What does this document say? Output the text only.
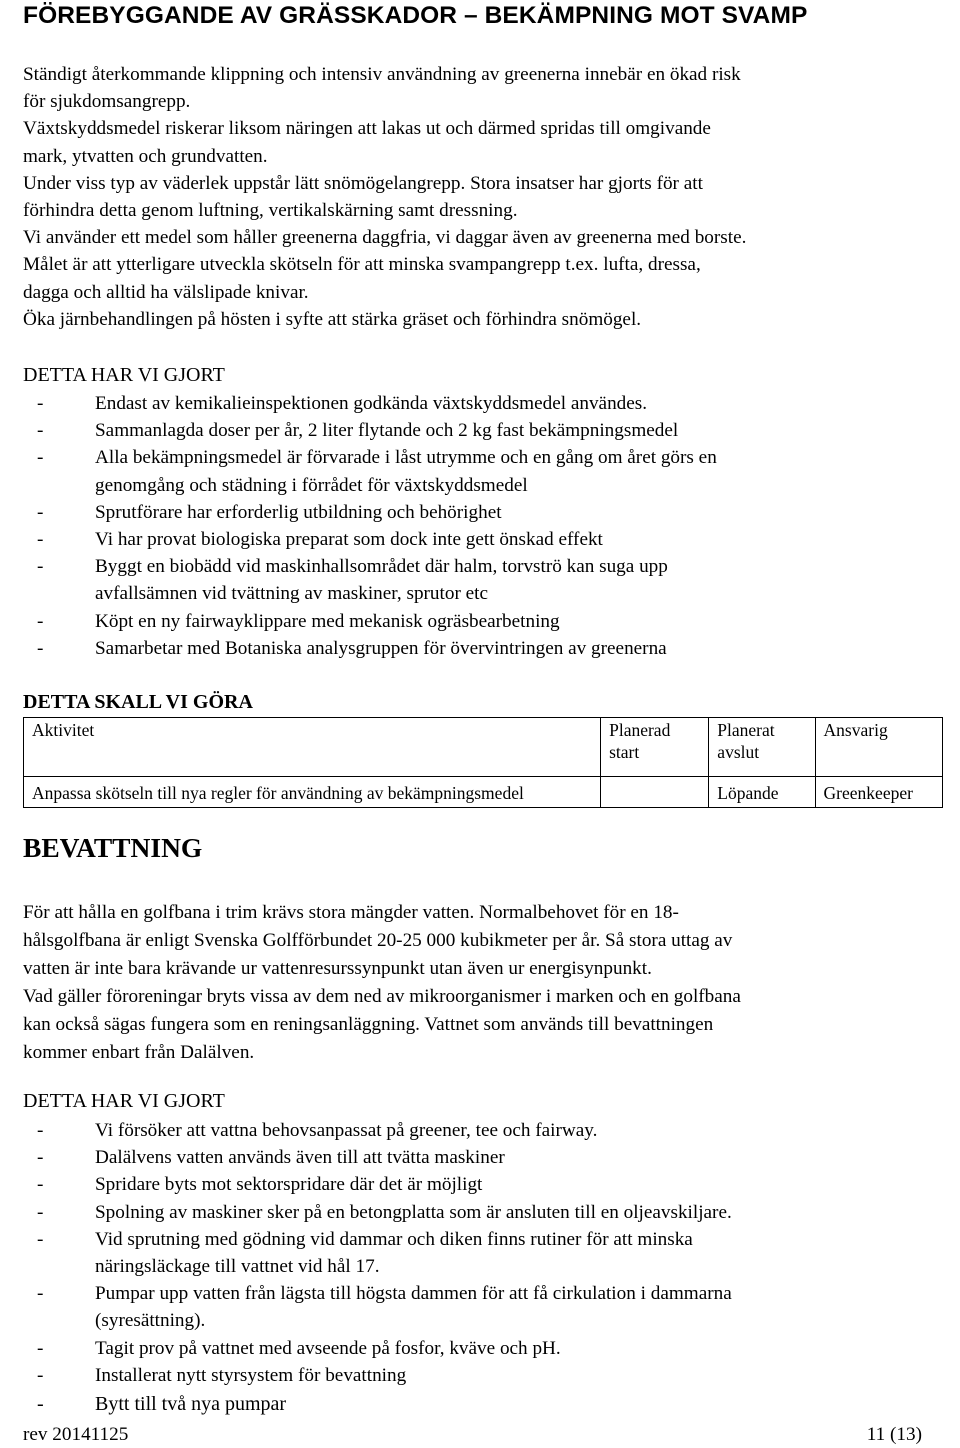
FÖREBYGGANDE AV GRÄSSKADOR – BEKÄMPNING MOT SVAMP
Ständigt återkommande klippning och intensiv användning av greenerna innebär en ökad risk
för sjukdomsangrepp.
Växtskyddsmedel riskerar liksom näringen att lakas ut och därmed spridas till omgivande
mark, ytvatten och grundvatten.
Under viss typ av väderlek uppstår lätt snömögelangrepp. Stora insatser har gjorts för att
förhindra detta genom luftning, vertikalskärning samt dressning.
Vi använder ett medel som håller greenerna daggfria, vi daggar även av greenerna med borste.
Målet är att ytterligare utveckla skötseln för att minska svampangrepp t.ex. lufta, dressa,
dagga och alltid ha välslipade knivar.
Öka järnbehandlingen på hösten i syfte att stärka gräset och förhindra snömögel.
DETTA HAR VI GJORT
- Endast av kemikalieinspektionen godkända växtskyddsmedel användes.
- Sammanlagda doser per år, 2 liter flytande och 2 kg fast bekämpningsmedel
- Alla bekämpningsmedel är förvarade i låst utrymme och en gång om året görs en
genomgång och städning i förrådet för växtskyddsmedel
- Sprutförare har erforderlig utbildning och behörighet
- Vi har provat biologiska preparat som dock inte gett önskad effekt
- Byggt en biobädd vid maskinhallsområdet där halm, torvströ kan suga upp
avfallsämnen vid tvättning av maskiner, sprutor etc
- Köpt en ny fairwayklippare med mekanisk ogräsbearbetning
- Samarbetar med Botaniska analysgruppen för övervintringen av greenerna
DETTA SKALL VI GÖRA
Aktivitet	Planerad start	Planerat avslut	Ansvarig
Anpassa skötseln till nya regler för användning av bekämpningsmedel		Löpande	Greenkeeper
BEVATTNING
För att hålla en golfbana i trim krävs stora mängder vatten. Normalbehovet för en 18-
hålsgolfbana är enligt Svenska Golfförbundet 20-25 000 kubikmeter per år. Så stora uttag av
vatten är inte bara krävande ur vattenresurssynpunkt utan även ur energisynpunkt.
Vad gäller föroreningar bryts vissa av dem ned av mikroorganismer i marken och en golfbana
kan också sägas fungera som en reningsanläggning. Vattnet som används till bevattningen
kommer enbart från Dalälven.
DETTA HAR VI GJORT
- Vi försöker att vattna behovsanpassat på greener, tee och fairway.
- Dalälvens vatten används även till att tvätta maskiner
- Spridare byts mot sektorspridare där det är möjligt
- Spolning av maskiner sker på en betongplatta som är ansluten till en oljeavskiljare.
- Vid sprutning med gödning vid dammar och diken finns rutiner för att minska
näringsläckage till vattnet vid hål 17.
- Pumpar upp vatten från lägsta till högsta dammen för att få cirkulation i dammarna
(syresättning).
- Tagit prov på vattnet med avseende på fosfor, kväve och pH.
- Installerat nytt styrsystem för bevattning
- Bytt till två nya pumpar
rev 20141125	11 (13)
